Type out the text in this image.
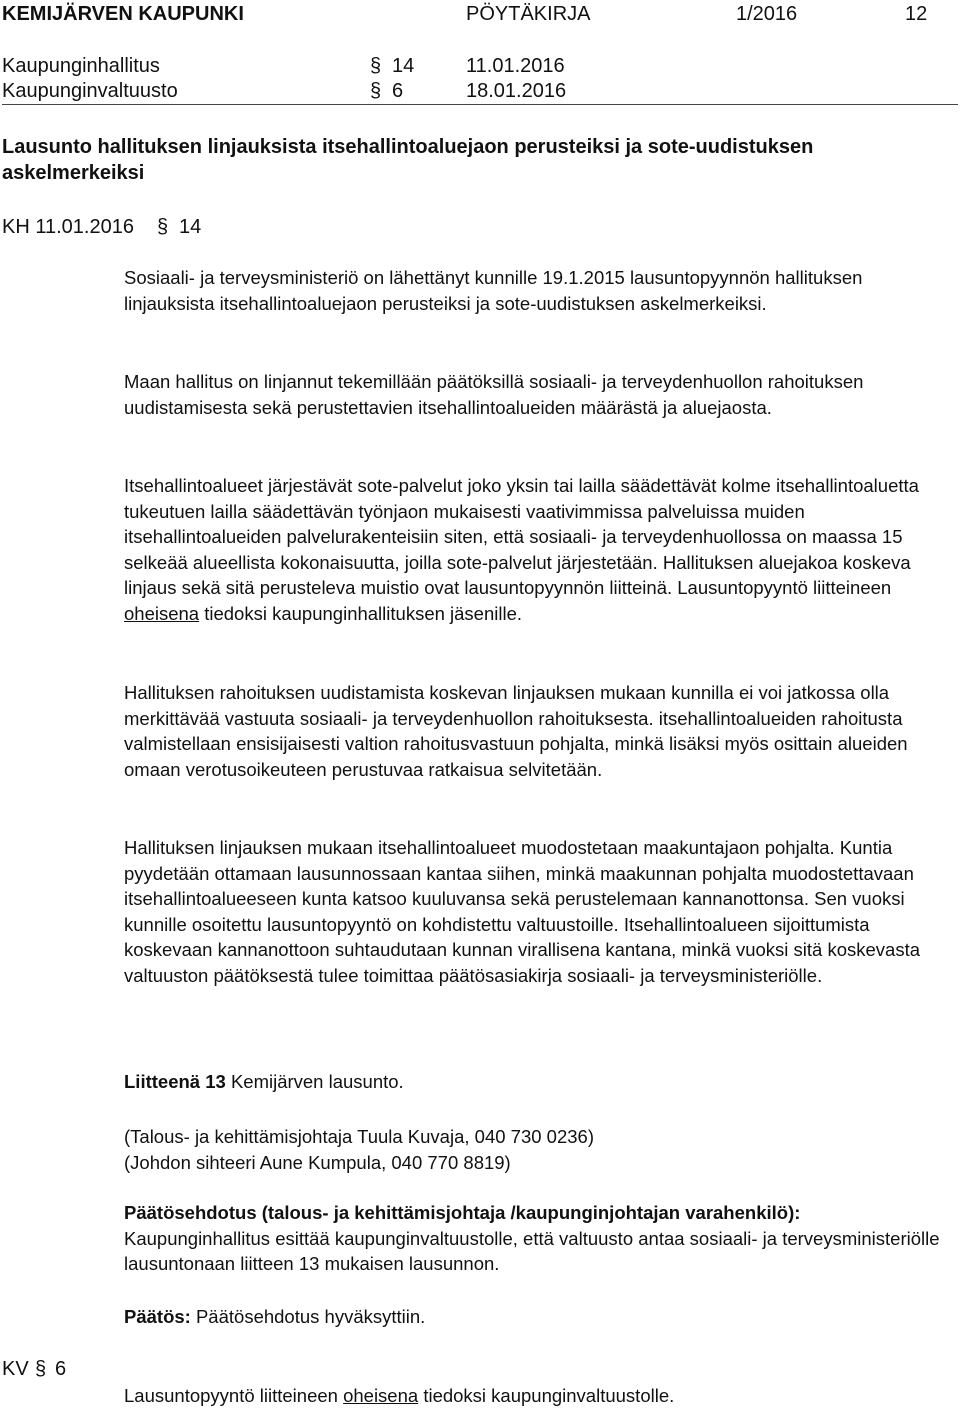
KEMIJÄRVEN KAUPUNKI	PÖYTÄKIRJA	1/2016	12
Kaupunginhallitus	§ 14	11.01.2016
Kaupunginvaltuusto	§ 6	18.01.2016
Lausunto hallituksen linjauksista itsehallintoaluejaon perusteiksi ja sote-uudistuksen askelmerkeiksi
KH 11.01.2016 § 14
Sosiaali- ja terveysministeriö on lähettänyt kunnille 19.1.2015 lausuntopyynnön hallituksen linjauksista itsehallintoaluejaon perusteiksi ja sote-uudistuksen askelmerkeiksi.
Maan hallitus on linjannut tekemillään päätöksillä sosiaali- ja terveydenhuollon rahoituksen uudistamisesta sekä perustettavien itsehallintoalueiden määrästä ja aluejaosta.
Itsehallintoalueet järjestävät sote-palvelut joko yksin tai lailla säädettävät kolme itsehallintoaluetta tukeutuen lailla säädettävän työnjaon mukaisesti vaativimmissa palveluissa muiden itsehallintoalueiden palvelurakenteisiin siten, että sosiaali- ja terveydenhuollossa on maassa 15 selkeää alueellista kokonaisuutta, joilla sote-palvelut järjestetään. Hallituksen aluejakoa koskeva linjaus sekä sitä perusteleva muistio ovat lausuntopyynnön liitteinä. Lausuntopyyntö liitteineen oheisena tiedoksi kaupunginhallituksen jäsenille.
Hallituksen rahoituksen uudistamista koskevan linjauksen mukaan kunnilla ei voi jatkossa olla merkittävää vastuuta sosiaali- ja terveydenhuollon rahoituksesta. itsehallintoalueiden rahoitusta valmistellaan ensisijaisesti valtion rahoitusvastuun pohjalta, minkä lisäksi myös osittain alueiden omaan verotusoikeuteen perustuvaa ratkaisua selvitetään.
Hallituksen linjauksen mukaan itsehallintoalueet muodostetaan maakuntajaon pohjalta. Kuntia pyydetään ottamaan lausunnossaan kantaa siihen, minkä maakunnan pohjalta muodostettavaan itsehallintoalueeseen kunta katsoo kuuluvansa sekä perustelemaan kannanottonsa. Sen vuoksi kunnille osoitettu lausuntopyyntö on kohdistettu valtuustoille. Itsehallintoalueen sijoittumista koskevaan kannanottoon suhtaudutaan kunnan virallisena kantana, minkä vuoksi sitä koskevasta valtuuston päätöksestä tulee toimittaa päätösasiakirja sosiaali- ja terveysministeriölle.
Liitteenä 13 Kemijärven lausunto.
(Talous- ja kehittämisjohtaja Tuula Kuvaja, 040 730 0236)
(Johdon sihteeri Aune Kumpula, 040 770 8819)
Päätösehdotus (talous- ja kehittämisjohtaja /kaupunginjohtajan varahenkilö):
Kaupunginhallitus esittää kaupunginvaltuustolle, että valtuusto antaa sosiaali- ja terveysministeriölle lausuntonaan liitteen 13 mukaisen lausunnon.
Päätös: Päätösehdotus hyväksyttiin.
KV § 6
Lausuntopyyntö liitteineen oheisena tiedoksi kaupunginvaltuustolle.
